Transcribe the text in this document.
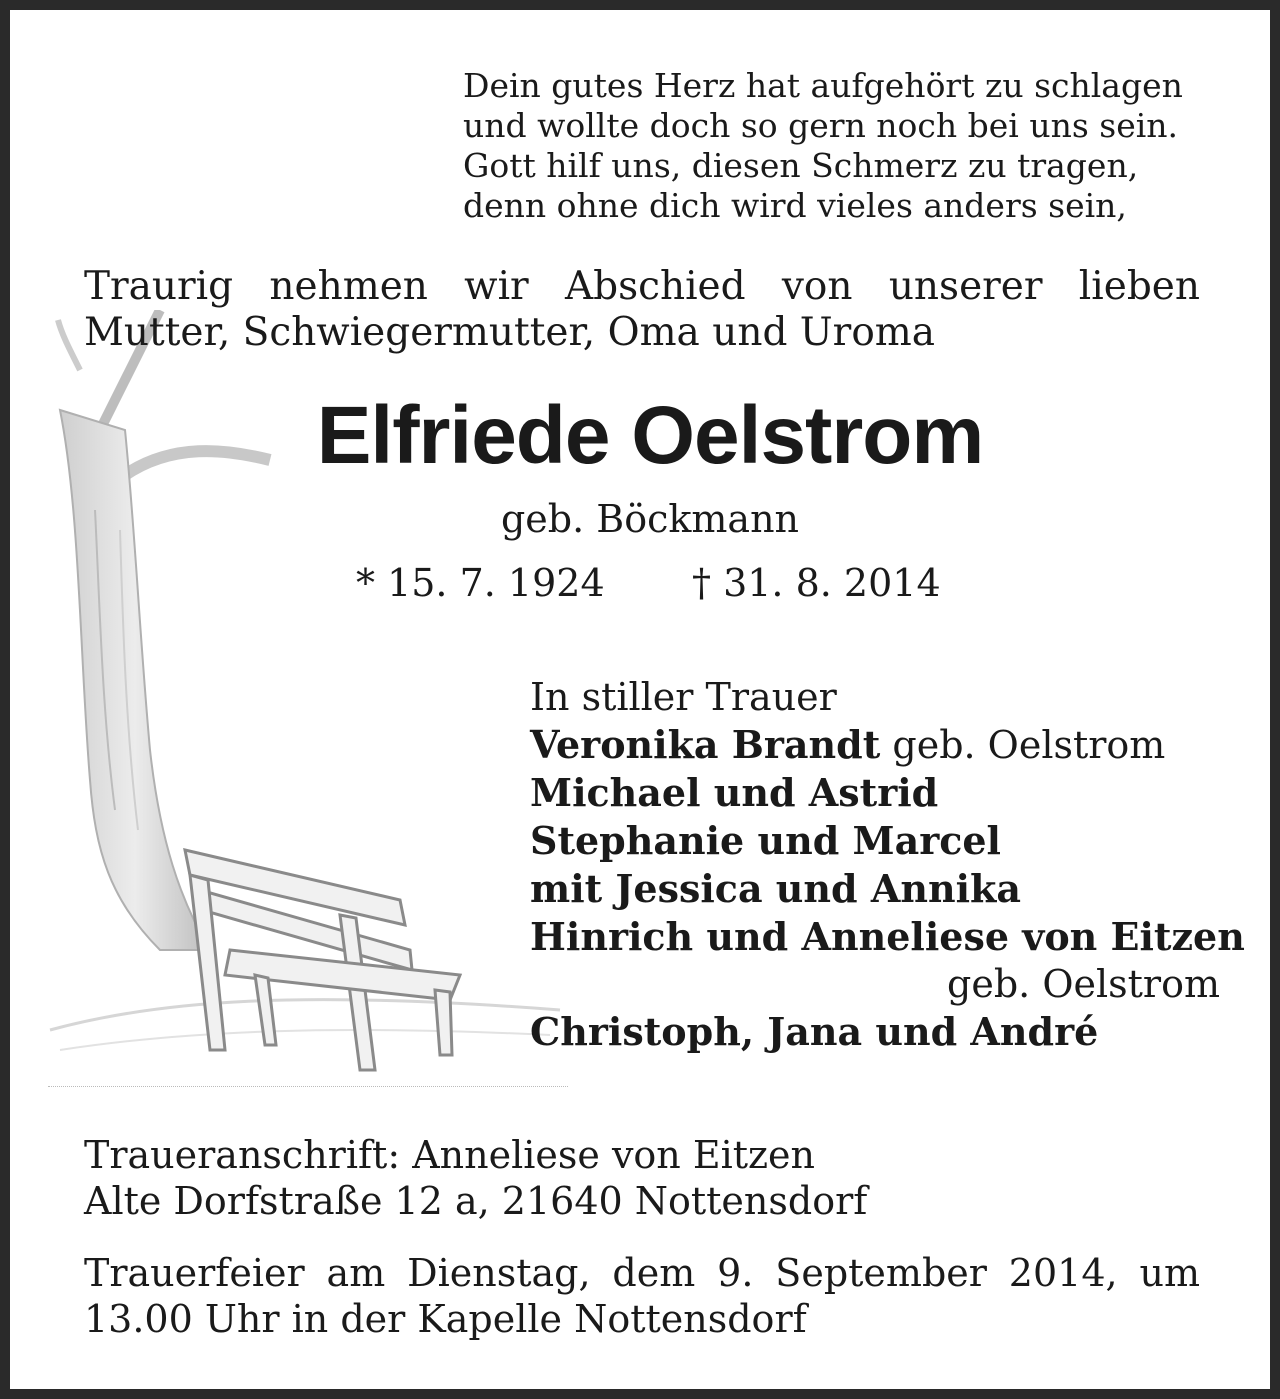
Dein gutes Herz hat aufgehört zu schlagen
und wollte doch so gern noch bei uns sein.
Gott hilf uns, diesen Schmerz zu tragen,
denn ohne dich wird vieles anders sein,
Traurig nehmen wir Abschied von unserer lieben
Mutter, Schwiegermutter, Oma und Uroma
Elfriede Oelstrom
geb. Böckmann
* 15. 7. 1924 † 31. 8. 2014
In stiller Trauer
Veronika Brandt geb. Oelstrom
Michael und Astrid
Stephanie und Marcel
mit Jessica und Annika
Hinrich und Anneliese von Eitzen
geb. Oelstrom
Christoph, Jana und André
Traueranschrift: Anneliese von Eitzen
Alte Dorfstraße 12 a, 21640 Nottensdorf
Trauerfeier am Dienstag, dem 9. September 2014, um
13.00 Uhr in der Kapelle Nottensdorf
